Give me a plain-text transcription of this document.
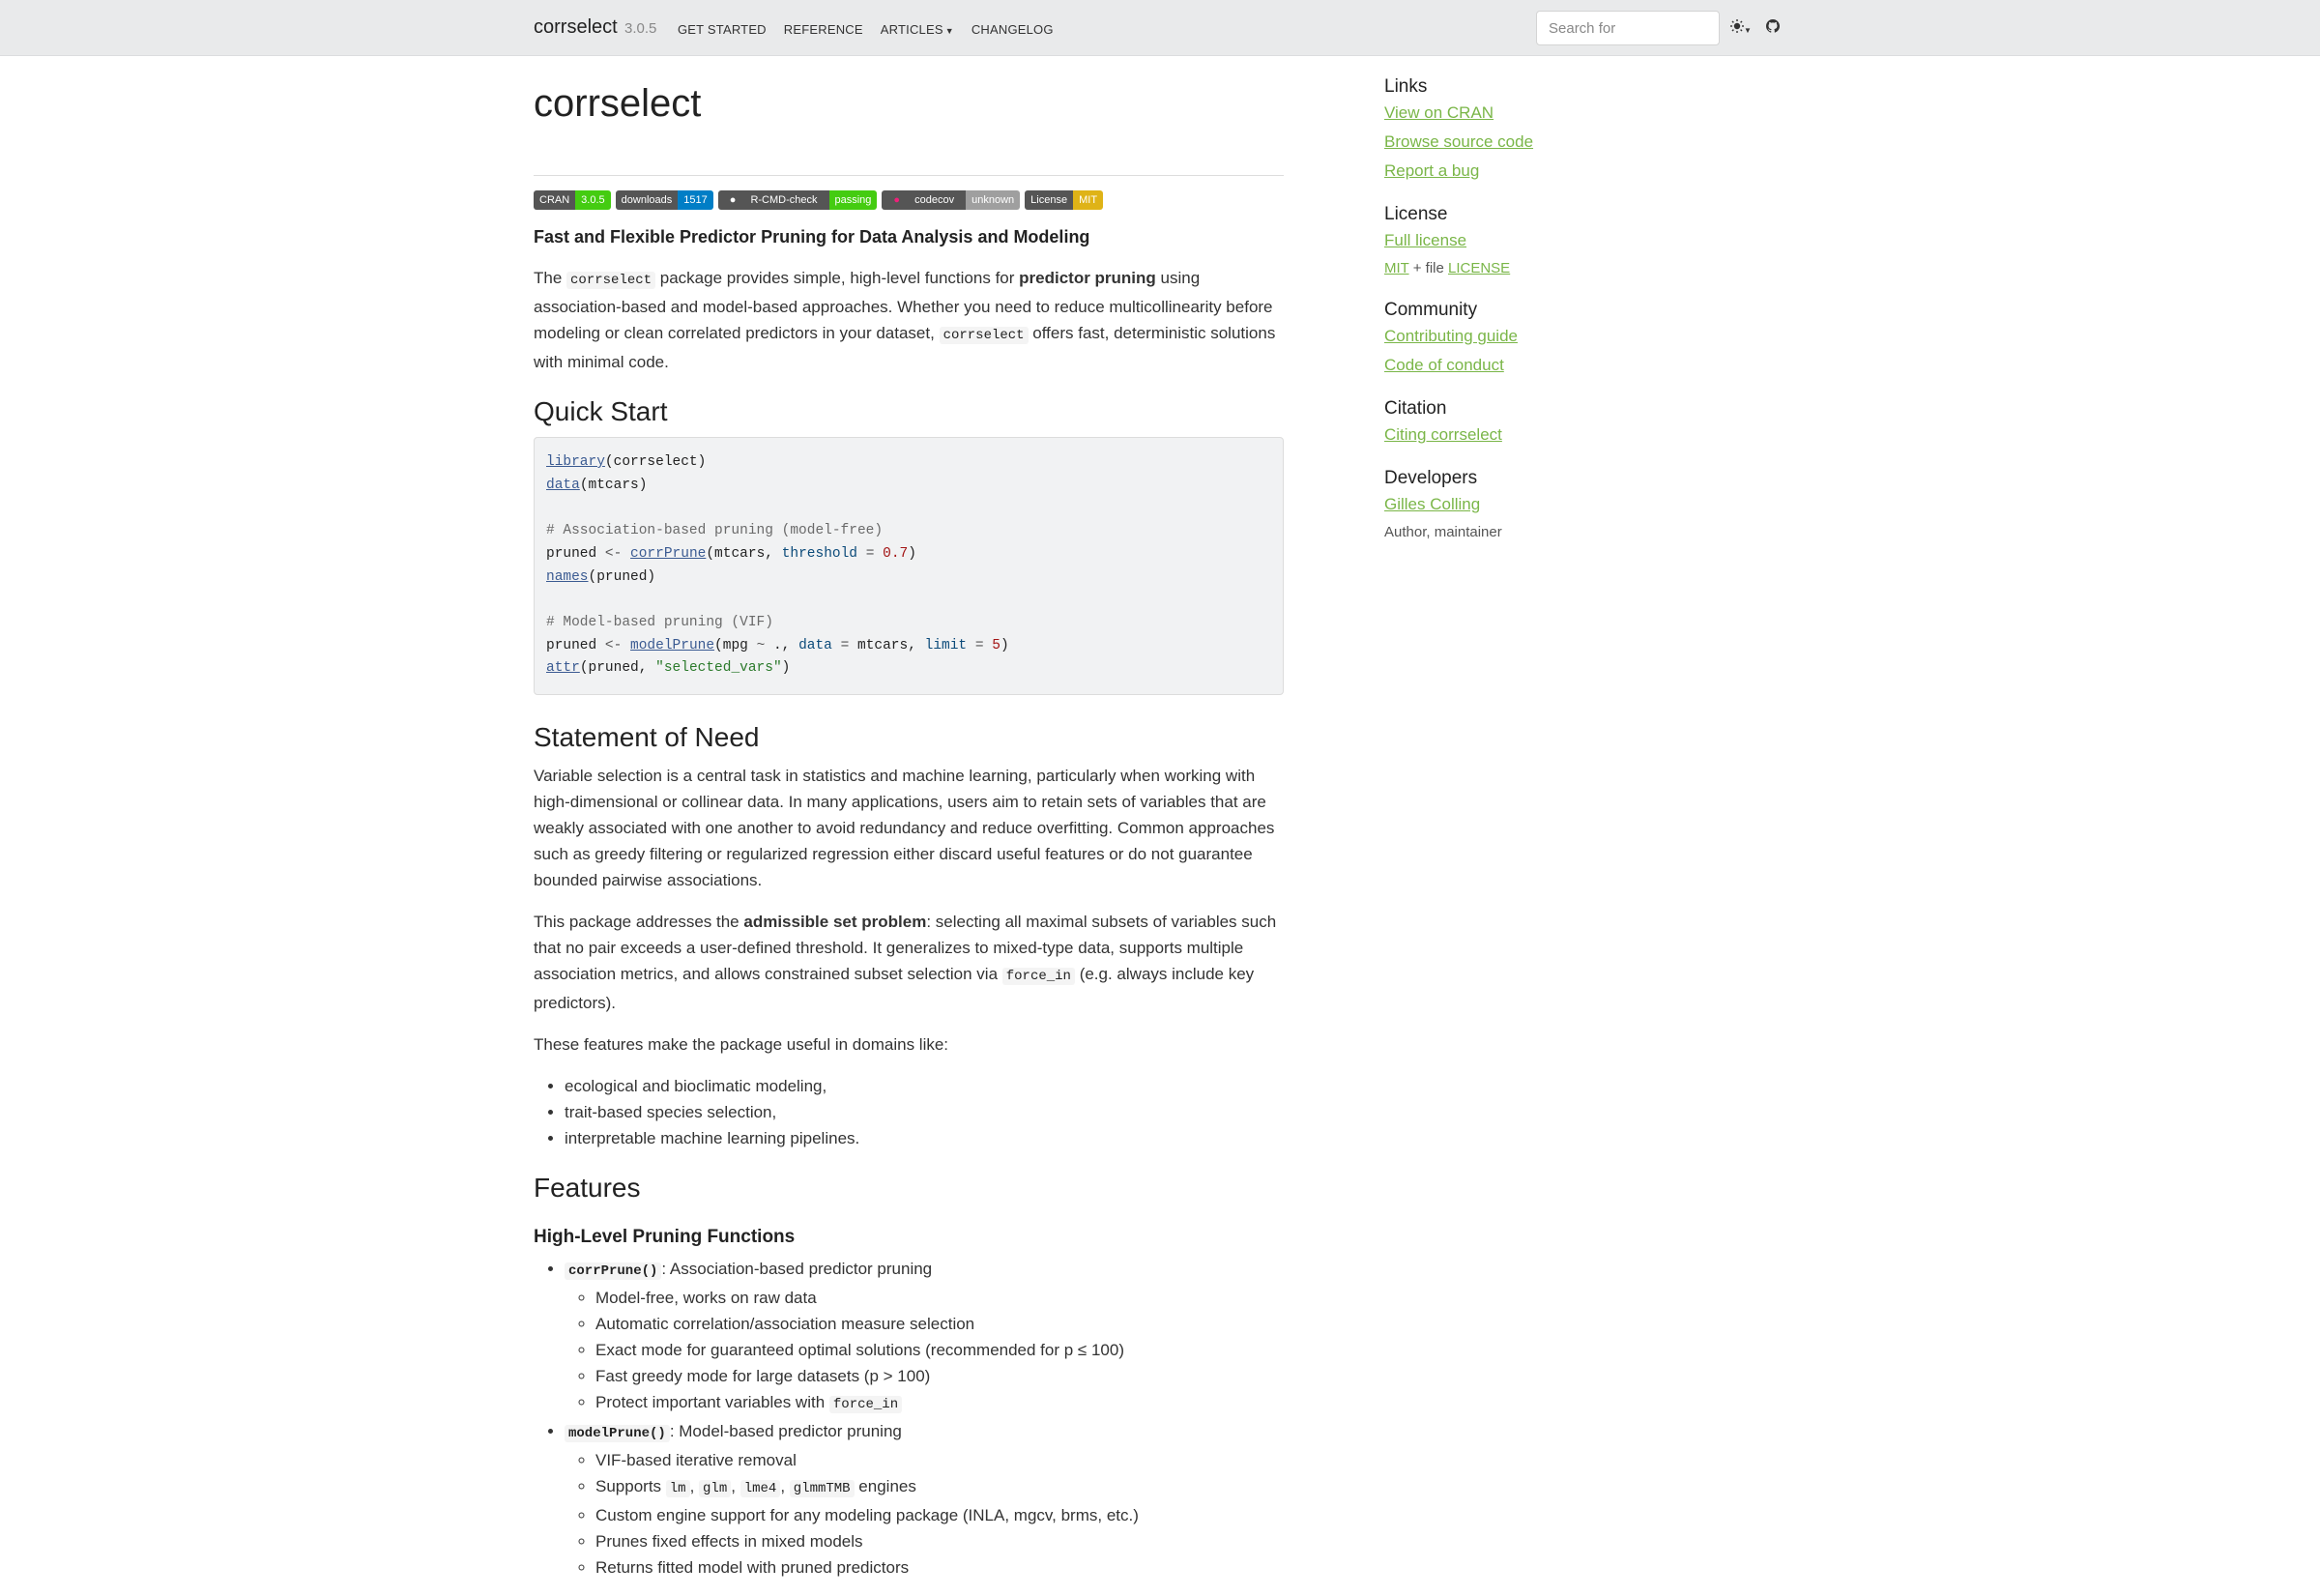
corrselect 3.0.5 GET STARTED REFERENCE ARTICLES ▼ CHANGELOG
Search for	▼
corrselect
CRAN	3.0.5	downloads	1517	● R-CMD-check	passing	● codecov	unknown	License	MIT
Fast and Flexible Predictor Pruning for Data Analysis and Modeling

The corrselect package provides simple, high-level functions for predictor pruning using association-based and model-based approaches. Whether you need to reduce multicollinearity before modeling or clean correlated predictors in your dataset, corrselect offers fast, deterministic solutions with minimal code.

Quick Start
library(corrselect)
data(mtcars)

# Association-based pruning (model-free)
pruned <- corrPrune(mtcars, threshold = 0.7)
names(pruned)

# Model-based pruning (VIF)
pruned <- modelPrune(mpg ~ ., data = mtcars, limit = 5)
attr(pruned, "selected_vars")
Statement of Need

Variable selection is a central task in statistics and machine learning, particularly when working with high-dimensional or collinear data. In many applications, users aim to retain sets of variables that are weakly associated with one another to avoid redundancy and reduce overfitting. Common approaches such as greedy filtering or regularized regression either discard useful features or do not guarantee bounded pairwise associations.

This package addresses the admissible set problem: selecting all maximal subsets of variables such that no pair exceeds a user-defined threshold. It generalizes to mixed-type data, supports multiple association metrics, and allows constrained subset selection via force_in (e.g. always include key predictors).

These features make the package useful in domains like:

• ecological and bioclimatic modeling,
• trait-based species selection,
• interpretable machine learning pipelines.
Features
High-Level Pruning Functions
• corrPrune() : Association-based predictor pruning
◦ Model-free, works on raw data
◦ Automatic correlation/association measure selection
◦ Exact mode for guaranteed optimal solutions (recommended for p ≤ 100)
◦ Fast greedy mode for large datasets (p > 100)
◦ Protect important variables with force_in
• modelPrune() : Model-based predictor pruning
◦ VIF-based iterative removal
◦ Supports lm , glm , lme4 , glmmTMB engines
◦ Custom engine support for any modeling package (INLA, mgcv, brms, etc.)
◦ Prunes fixed effects in mixed models
◦ Returns fitted model with pruned predictors
Links
View on CRAN
Browse source code
Report a bug
License
Full license
MIT + file LICENSE
Community
Contributing guide
Code of conduct
Citation
Citing corrselect
Developers
Gilles Colling
Author, maintainer
